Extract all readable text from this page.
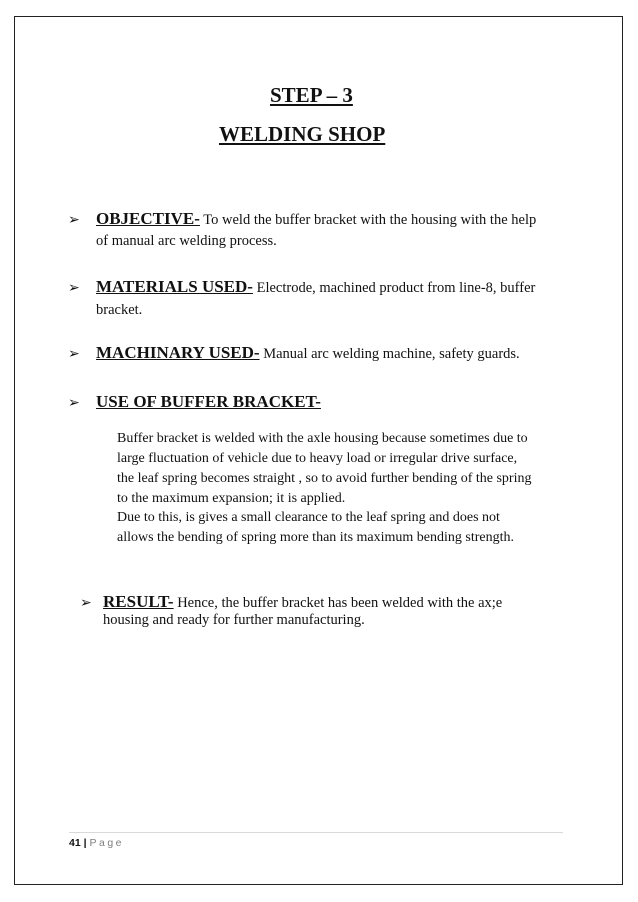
STEP – 3
WELDING SHOP
➢ OBJECTIVE- To weld the buffer bracket with the housing with the help
of manual arc welding process.
➢ MATERIALS USED- Electrode, machined product from line-8, buffer
bracket.
➢ MACHINARY USED- Manual arc welding machine, safety guards.
➢ USE OF BUFFER BRACKET-
Buffer bracket is welded with the axle housing because sometimes due to
large fluctuation of vehicle due to heavy load or irregular drive surface,
the leaf spring becomes straight , so to avoid further bending of the spring
to the maximum expansion; it is applied.
Due to this, is gives a small clearance to the leaf spring and does not
allows the bending of spring more than its maximum bending strength.
➢ RESULT- Hence, the buffer bracket has been welded with the ax;e
housing and ready for further manufacturing.
41 | Page
